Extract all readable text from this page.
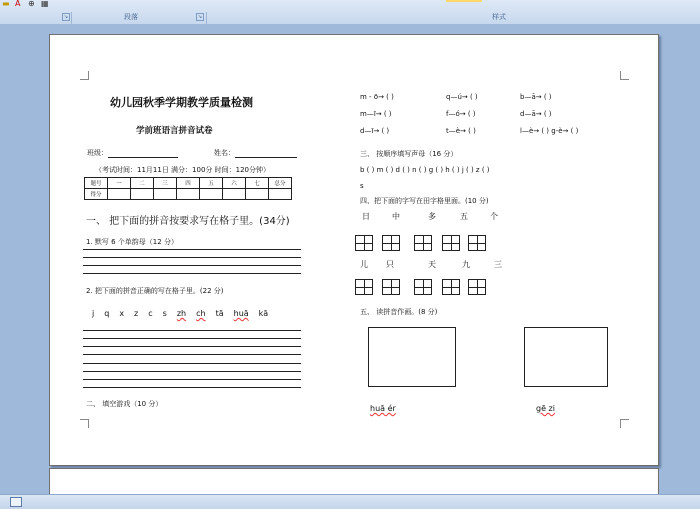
▬ A ⊕ ▦
↘	段落	↘	样式
幼儿园秋季学期教学质量检测
学前班语言拼音试卷
班级：	姓名：
（考试时间：11月11日 满分：100分 时间：120分钟）
题号	一	二	三	四	五	六	七	总分
得分								
一、 把下面的拼音按要求写在格子里。(34分)
1. 默写 6 个单韵母（12 分）
2. 把下面的拼音正确的写在格子里。(22 分)
j q x z c s zh ch tā huā kā
二、 填空游戏（10 分）
m - ō→ ( )	q—ú→ ( )	b—ā→ ( )
m—ī→ ( )	f—ó→ ( )	d—ā→ ( )
d—ī→ ( )	t—è→ ( )	l—è→ ( ) g-è→ ( )
三、 按顺序填写声母（16 分）
b ( ) m ( ) d ( ) n ( ) g ( ) h ( ) j ( ) z ( )
s
四、把下面的字写在田字格里面。(10 分)
日	中	多	五	个
儿 只	天	九	三
五、 读拼音作画。(8 分)
huā ér	gē zi
